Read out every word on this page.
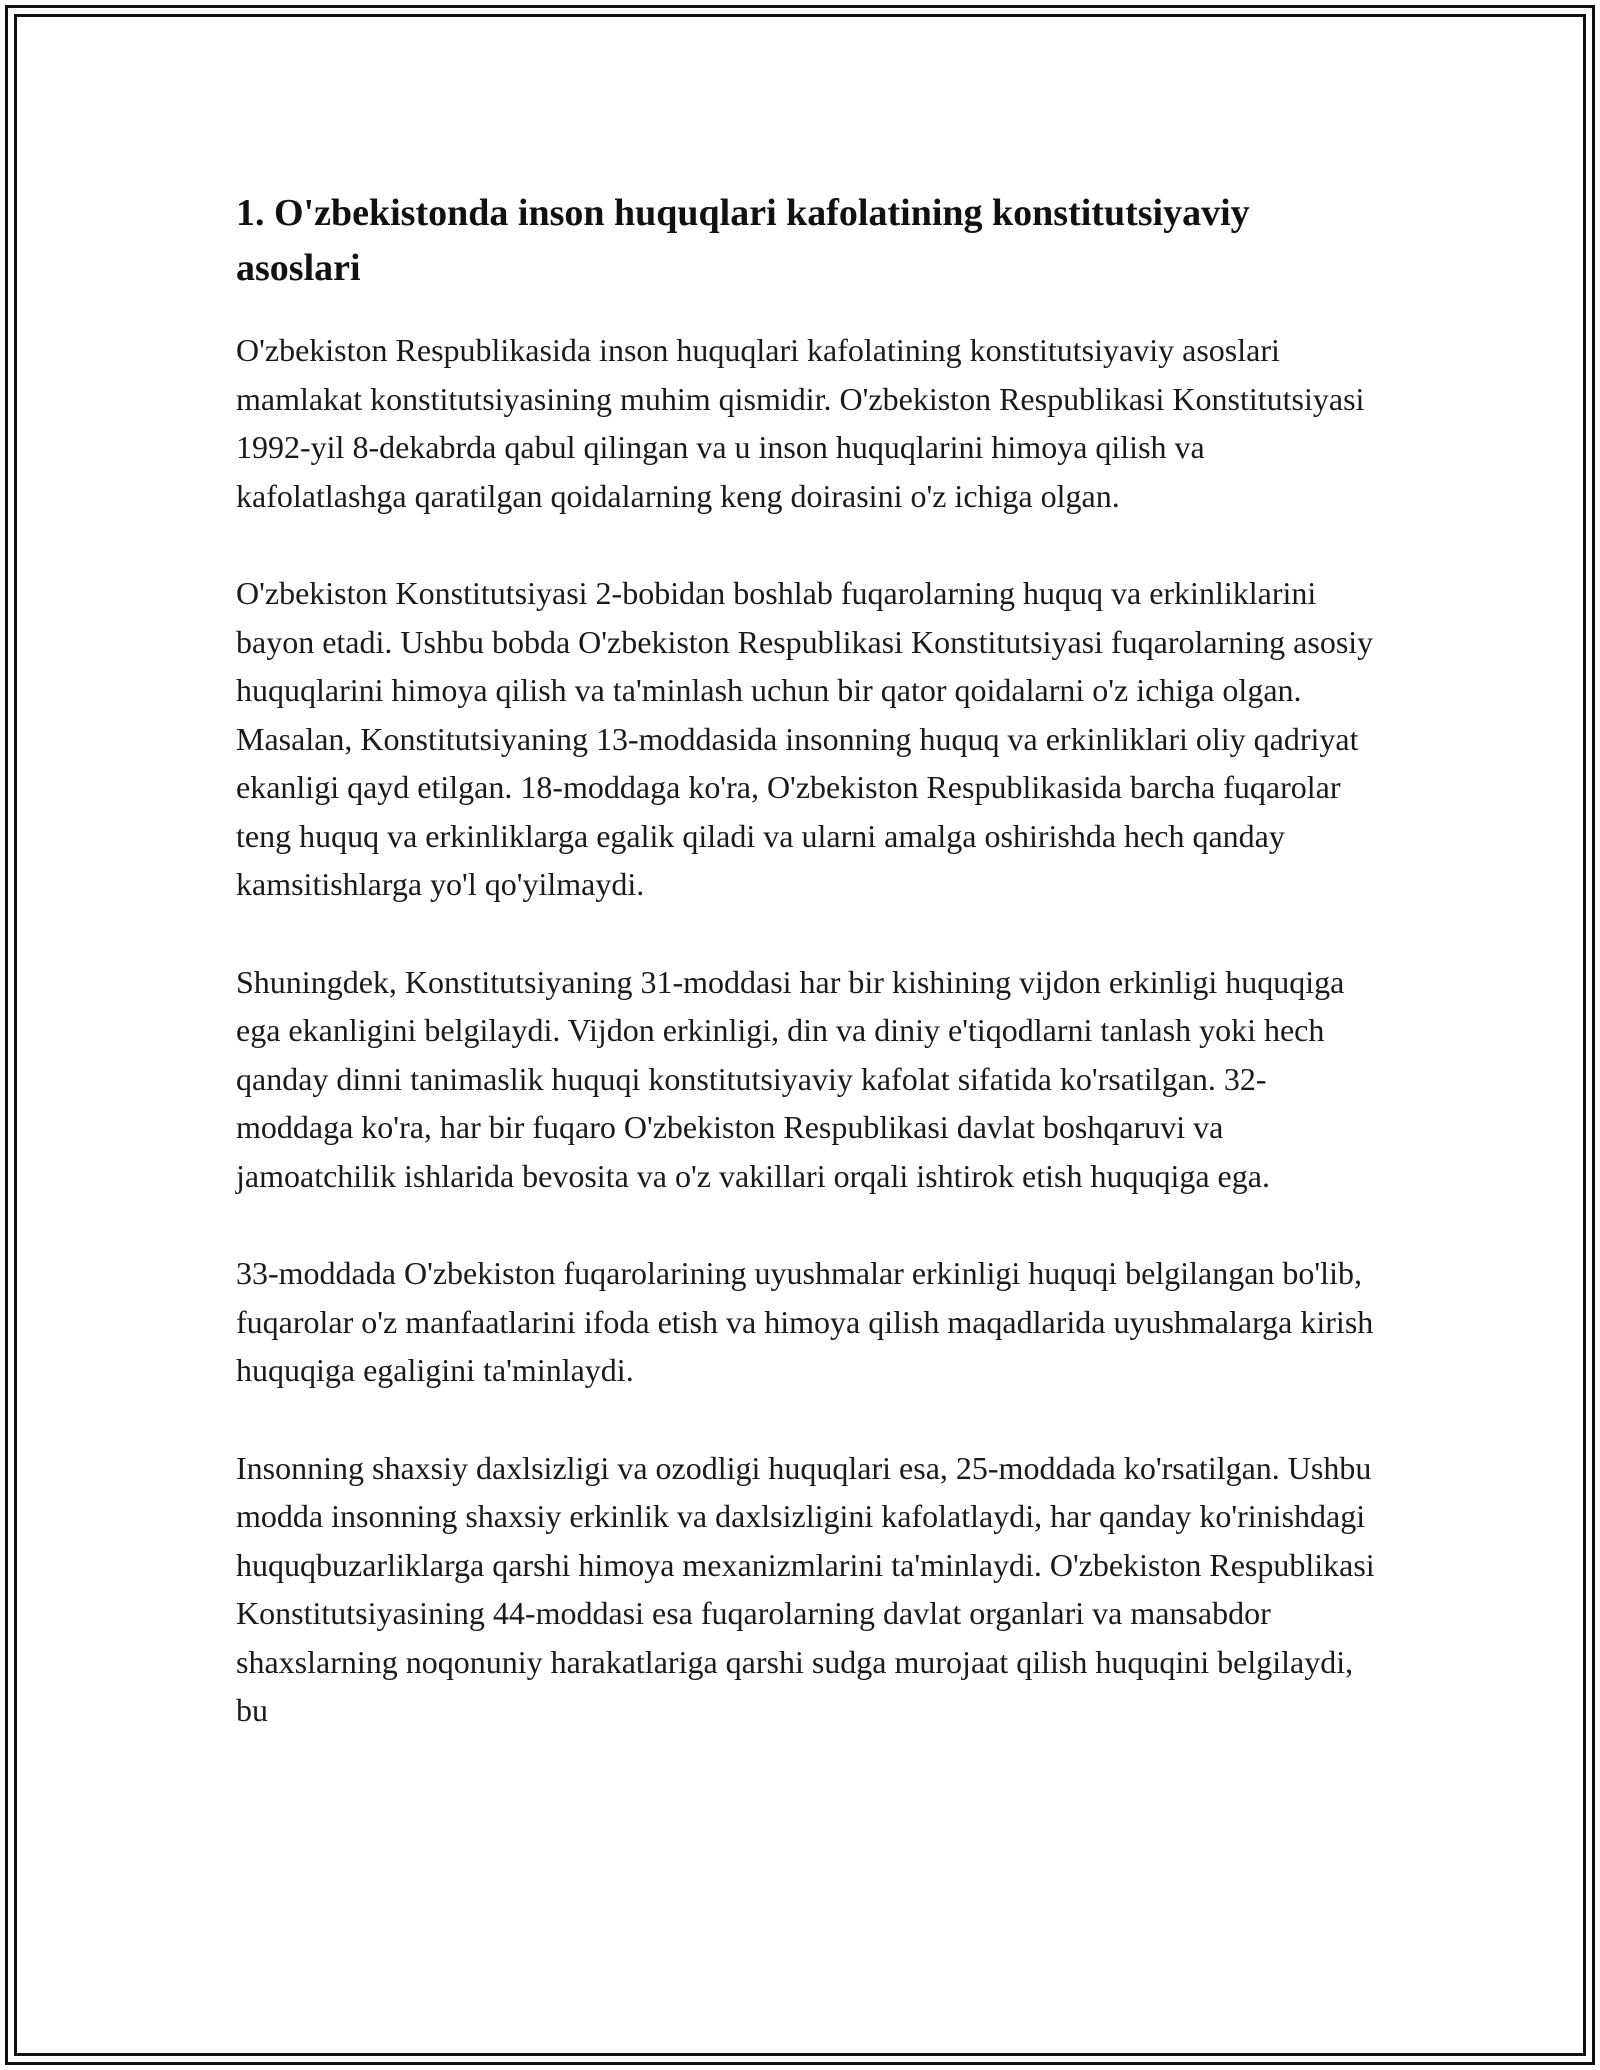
1. O'zbekistonda inson huquqlari kafolatining konstitutsiyaviy asoslari

O'zbekiston Respublikasida inson huquqlari kafolatining konstitutsiyaviy asoslari mamlakat konstitutsiyasining muhim qismidir. O'zbekiston Respublikasi Konstitutsiyasi 1992-yil 8-dekabrda qabul qilingan va u inson huquqlarini himoya qilish va kafolatlashga qaratilgan qoidalarning keng doirasini o'z ichiga olgan.

O'zbekiston Konstitutsiyasi 2-bobidan boshlab fuqarolarning huquq va erkinliklarini bayon etadi. Ushbu bobda O'zbekiston Respublikasi Konstitutsiyasi fuqarolarning asosiy huquqlarini himoya qilish va ta'minlash uchun bir qator qoidalarni o'z ichiga olgan. Masalan, Konstitutsiyaning 13-moddasida insonning huquq va erkinliklari oliy qadriyat ekanligi qayd etilgan. 18-moddaga ko'ra, O'zbekiston Respublikasida barcha fuqarolar teng huquq va erkinliklarga egalik qiladi va ularni amalga oshirishda hech qanday kamsitishlarga yo'l qo'yilmaydi.

Shuningdek, Konstitutsiyaning 31-moddasi har bir kishining vijdon erkinligi huquqiga ega ekanligini belgilaydi. Vijdon erkinligi, din va diniy e'tiqodlarni tanlash yoki hech qanday dinni tanimaslik huquqi konstitutsiyaviy kafolat sifatida ko'rsatilgan. 32-moddaga ko'ra, har bir fuqaro O'zbekiston Respublikasi davlat boshqaruvi va jamoatchilik ishlarida bevosita va o'z vakillari orqali ishtirok etish huquqiga ega.

33-moddada O'zbekiston fuqarolarining uyushmalar erkinligi huquqi belgilangan bo'lib, fuqarolar o'z manfaatlarini ifoda etish va himoya qilish maqadlarida uyushmalarga kirish huquqiga egaligini ta'minlaydi.

Insonning shaxsiy daxlsizligi va ozodligi huquqlari esa, 25-moddada ko'rsatilgan. Ushbu modda insonning shaxsiy erkinlik va daxlsizligini kafolatlaydi, har qanday ko'rinishdagi huquqbuzarliklarga qarshi himoya mexanizmlarini ta'minlaydi. O'zbekiston Respublikasi Konstitutsiyasining 44-moddasi esa fuqarolarning davlat organlari va mansabdor shaxslarning noqonuniy harakatlariga qarshi sudga murojaat qilish huquqini belgilaydi, bu
